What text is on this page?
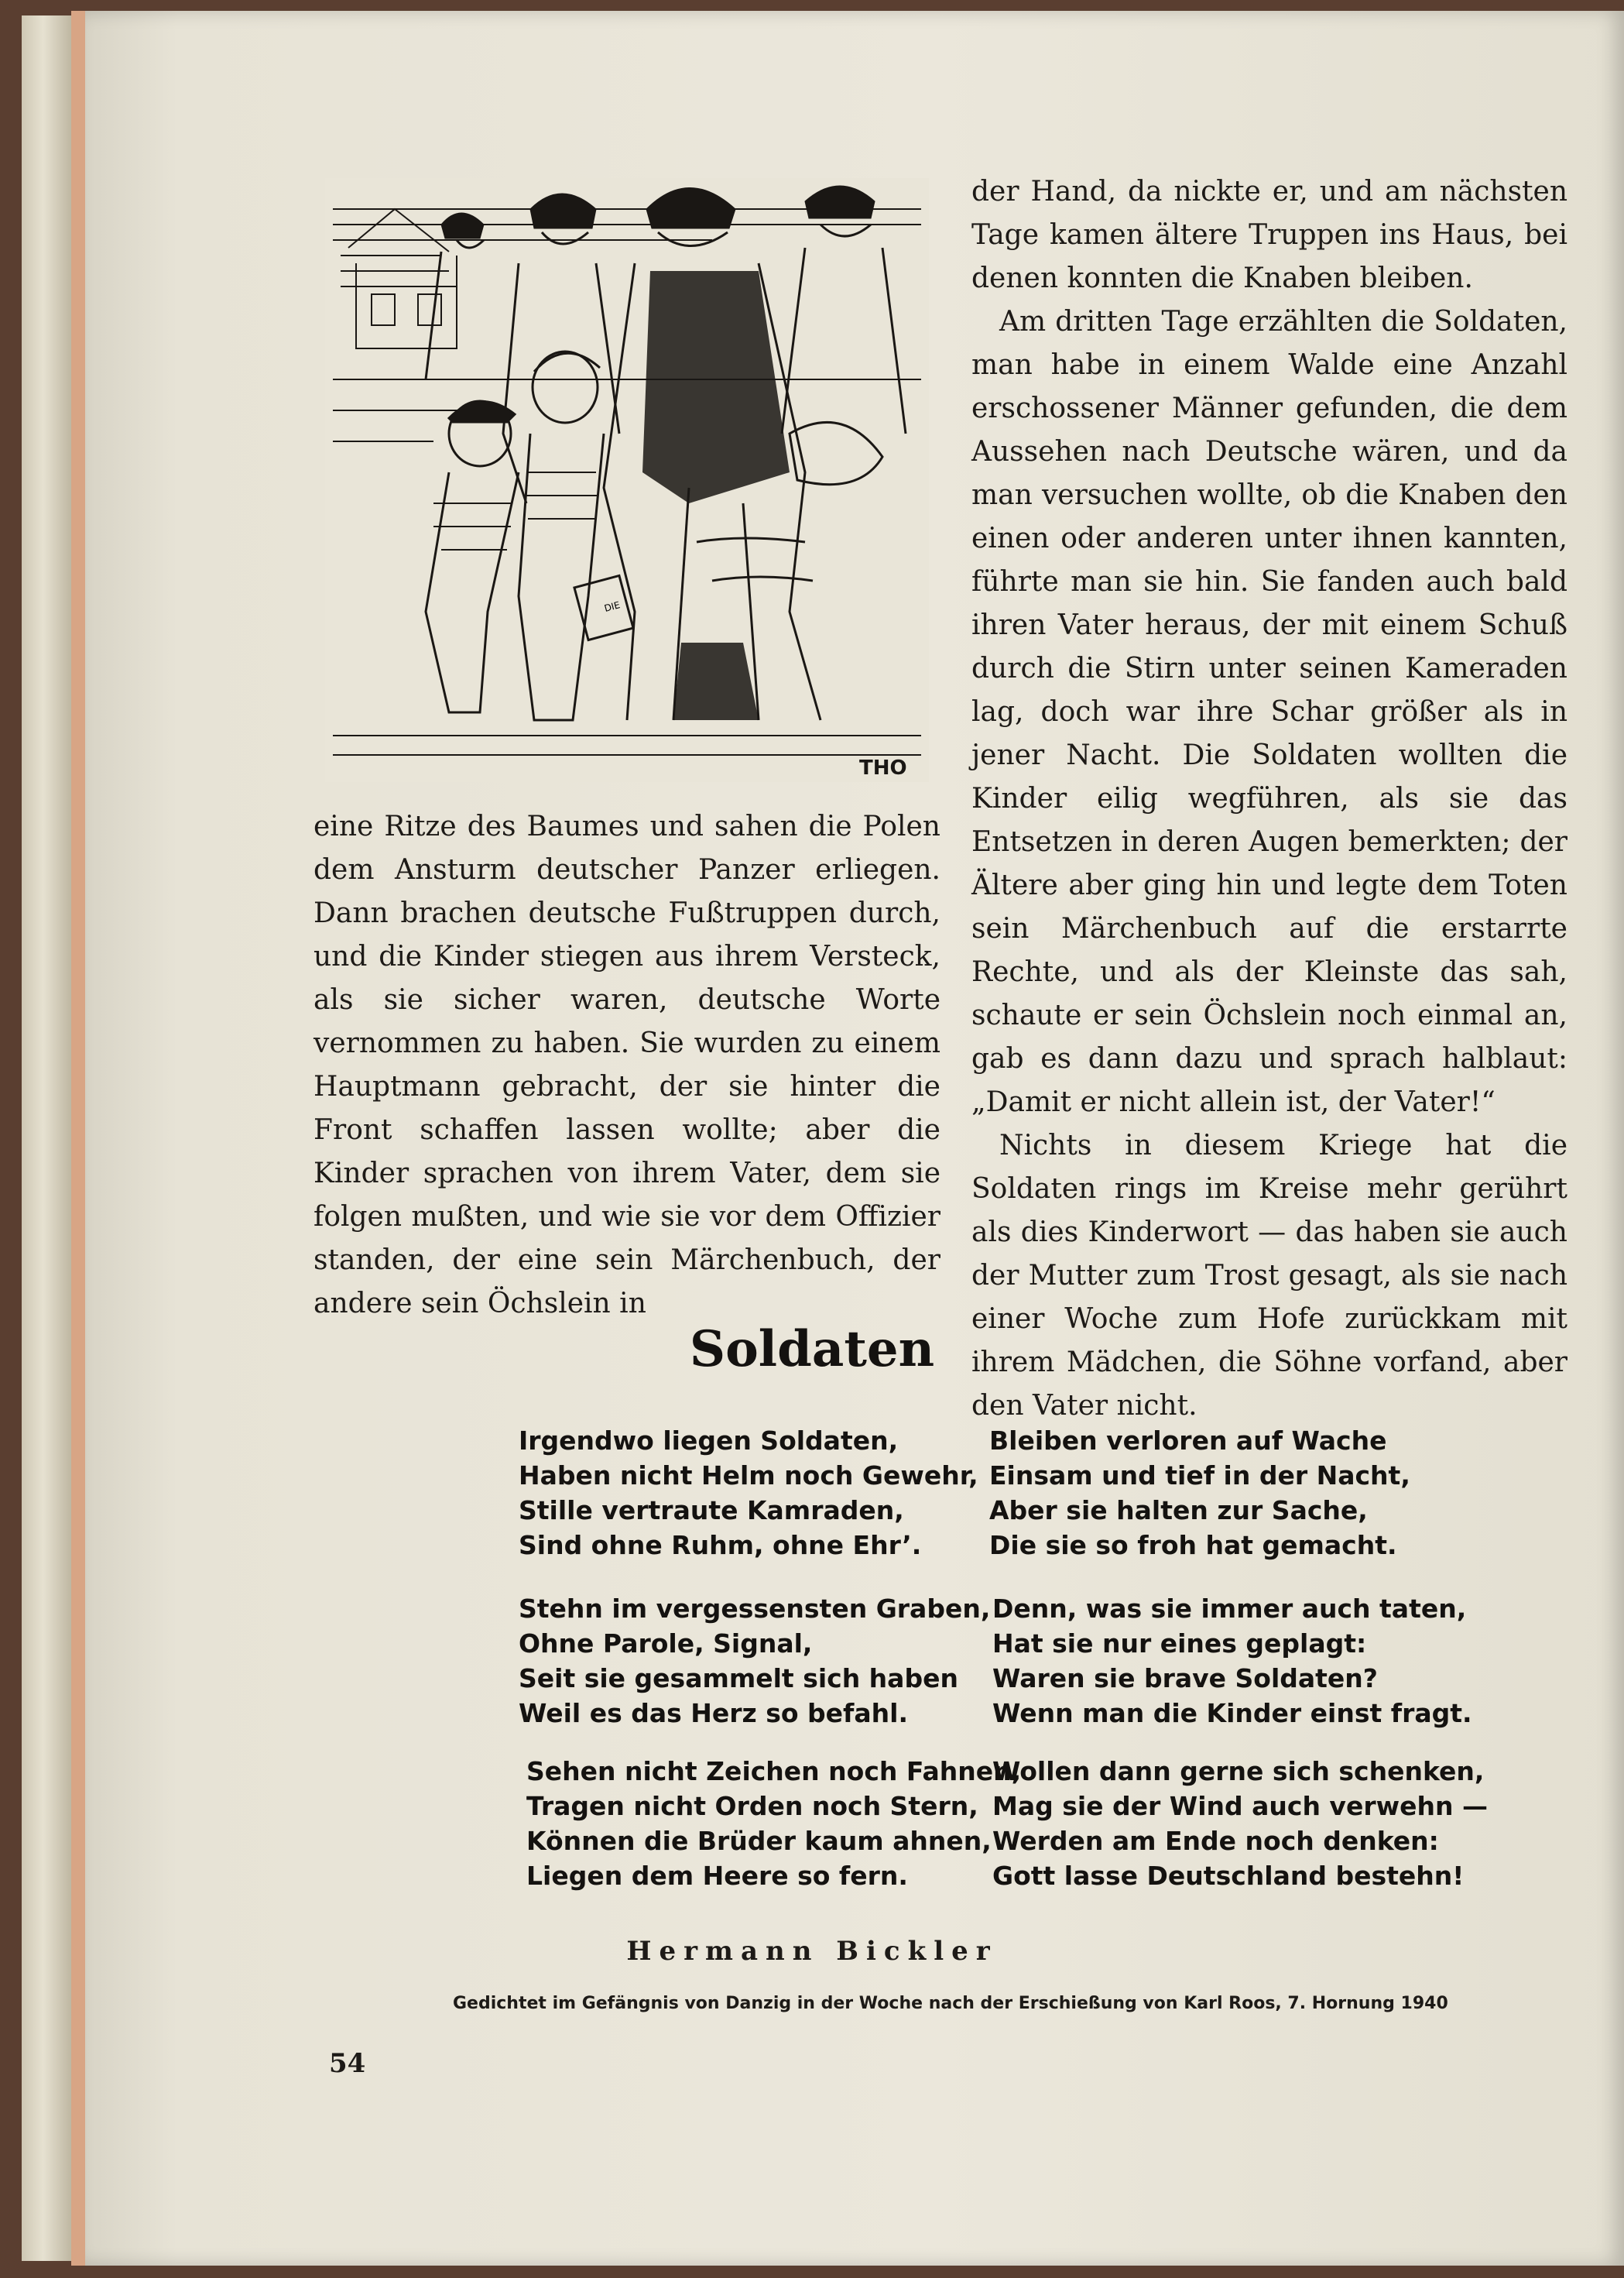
DIE
THO

eine Ritze des Baumes und sahen die Polen dem Ansturm deutscher Panzer erliegen. Dann brachen deutsche Fußtruppen durch, und die Kinder stiegen aus ihrem Versteck, als sie sicher waren, deutsche Worte vernommen zu haben. Sie wurden zu einem Hauptmann gebracht, der sie hinter die Front schaffen lassen wollte; aber die Kinder sprachen von ihrem Vater, dem sie folgen mußten, und wie sie vor dem Offizier standen, der eine sein Märchenbuch, der andere sein Öchslein in

der Hand, da nickte er, und am nächsten Tage kamen ältere Truppen ins Haus, bei denen konnten die Knaben bleiben.

Am dritten Tage erzählten die Soldaten, man habe in einem Walde eine Anzahl erschossener Männer gefunden, die dem Aussehen nach Deutsche wären, und da man versuchen wollte, ob die Knaben den einen oder anderen unter ihnen kannten, führte man sie hin. Sie fanden auch bald ihren Vater heraus, der mit einem Schuß durch die Stirn unter seinen Kameraden lag, doch war ihre Schar größer als in jener Nacht. Die Soldaten wollten die Kinder eilig wegführen, als sie das Entsetzen in deren Augen bemerkten; der Ältere aber ging hin und legte dem Toten sein Märchenbuch auf die erstarrte Rechte, und als der Kleinste das sah, schaute er sein Öchslein noch einmal an, gab es dann dazu und sprach halblaut: „Damit er nicht allein ist, der Vater!“

Nichts in diesem Kriege hat die Soldaten rings im Kreise mehr gerührt als dies Kinderwort — das haben sie auch der Mutter zum Trost gesagt, als sie nach einer Woche zum Hofe zurückkam mit ihrem Mädchen, die Söhne vorfand, aber den Vater nicht.

Soldaten
Irgendwo liegen Soldaten,
Haben nicht Helm noch Gewehr,
Stille vertraute Kamraden,
Sind ohne Ruhm, ohne Ehr’.
Stehn im vergessensten Graben,
Ohne Parole, Signal,
Seit sie gesammelt sich haben
Weil es das Herz so befahl.
Sehen nicht Zeichen noch Fahnen,
Tragen nicht Orden noch Stern,
Können die Brüder kaum ahnen,
Liegen dem Heere so fern.
Bleiben verloren auf Wache
Einsam und tief in der Nacht,
Aber sie halten zur Sache,
Die sie so froh hat gemacht.
Denn, was sie immer auch taten,
Hat sie nur eines geplagt:
Waren sie brave Soldaten?
Wenn man die Kinder einst fragt.
Wollen dann gerne sich schenken,
Mag sie der Wind auch verwehn —
Werden am Ende noch denken:
Gott lasse Deutschland bestehn!
Hermann Bickler
Gedichtet im Gefängnis von Danzig in der Woche nach der Erschießung von Karl Roos, 7. Hornung 1940
54
